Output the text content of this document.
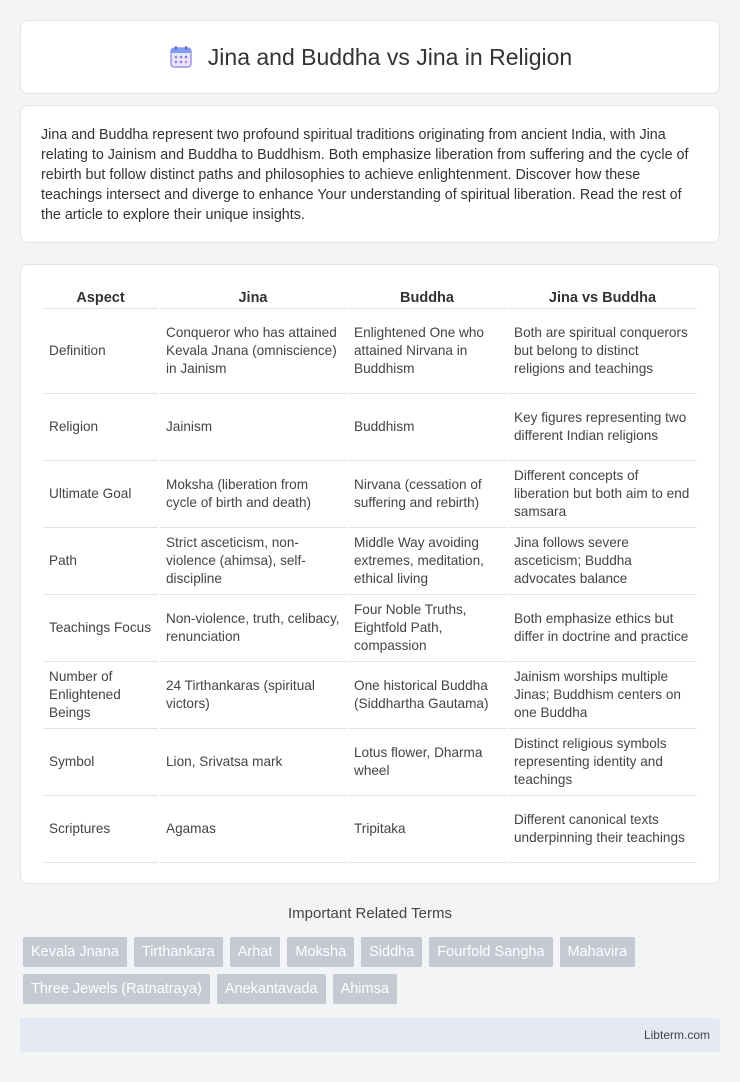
Jina and Buddha vs Jina in Religion

Jina and Buddha represent two profound spiritual traditions originating from ancient India, with Jina relating to Jainism and Buddha to Buddhism. Both emphasize liberation from suffering and the cycle of rebirth but follow distinct paths and philosophies to achieve enlightenment. Discover how these teachings intersect and diverge to enhance Your understanding of spiritual liberation. Read the rest of the article to explore their unique insights.

Aspect	Jina	Buddha	Jina vs Buddha
Definition	Conqueror who has attained Kevala Jnana (omniscience) in Jainism	Enlightened One who attained Nirvana in Buddhism	Both are spiritual conquerors but belong to distinct religions and teachings
Religion	Jainism	Buddhism	Key figures representing two different Indian religions
Ultimate Goal	Moksha (liberation from cycle of birth and death)	Nirvana (cessation of suffering and rebirth)	Different concepts of liberation but both aim to end samsara
Path	Strict asceticism, non-violence (ahimsa), self-discipline	Middle Way avoiding extremes, meditation, ethical living	Jina follows severe asceticism; Buddha advocates balance
Teachings Focus	Non-violence, truth, celibacy, renunciation	Four Noble Truths, Eightfold Path, compassion	Both emphasize ethics but differ in doctrine and practice
Number of Enlightened Beings	24 Tirthankaras (spiritual victors)	One historical Buddha (Siddhartha Gautama)	Jainism worships multiple Jinas; Buddhism centers on one Buddha
Symbol	Lion, Srivatsa mark	Lotus flower, Dharma wheel	Distinct religious symbols representing identity and teachings
Scriptures	Agamas	Tripitaka	Different canonical texts underpinning their teachings
Important Related Terms
Kevala Jnana	Tirthankara	Arhat	Moksha	Siddha	Fourfold Sangha	Mahavira
Three Jewels (Ratnatraya)	Anekantavada	Ahimsa
Libterm.com
